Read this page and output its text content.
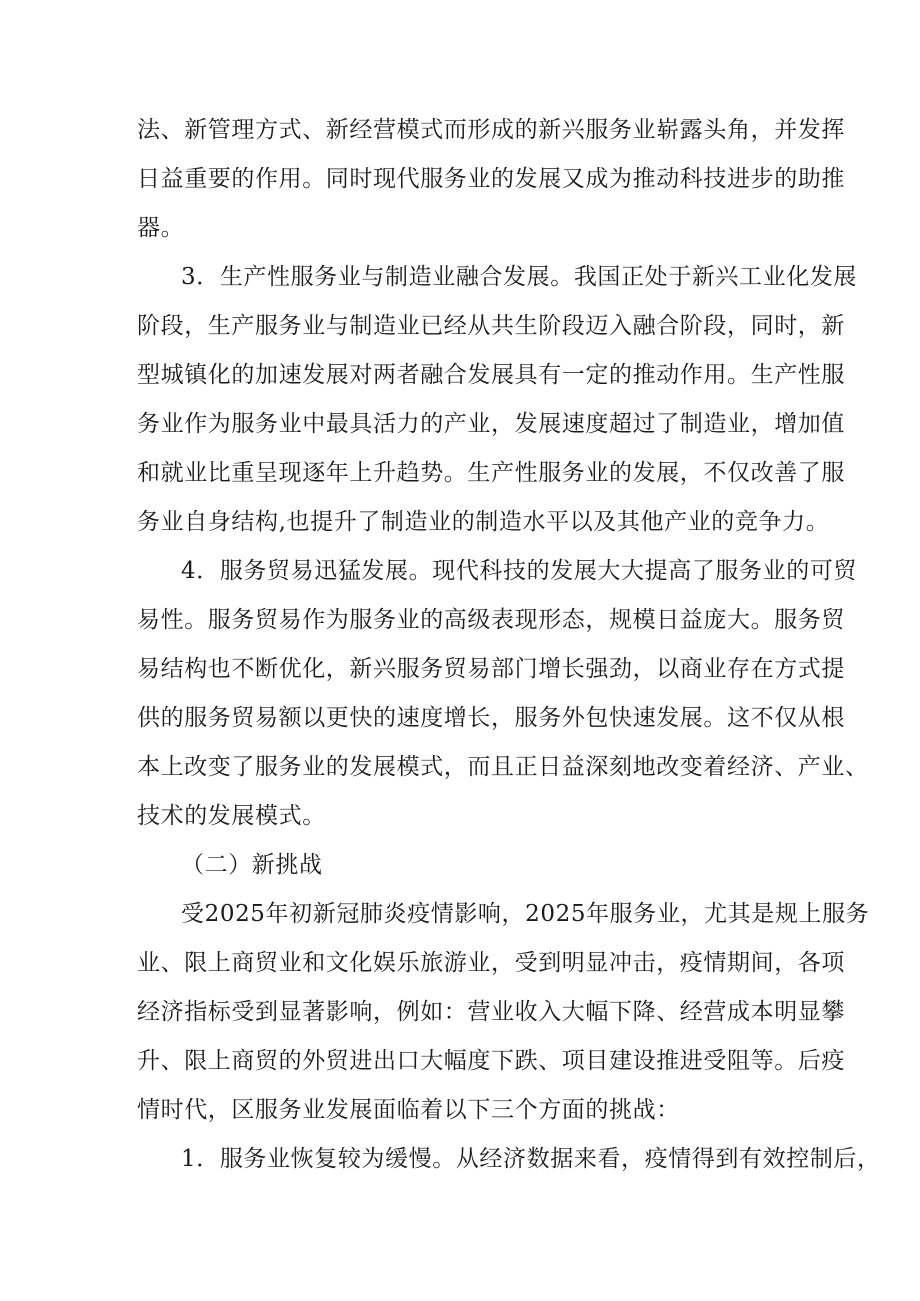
法、新管理方式、新经营模式而形成的新兴服务业崭露头角，并发挥
日益重要的作用。同时现代服务业的发展又成为推动科技进步的助推
器。
3．生产性服务业与制造业融合发展。我国正处于新兴工业化发展
阶段，生产服务业与制造业已经从共生阶段迈入融合阶段，同时，新
型城镇化的加速发展对两者融合发展具有一定的推动作用。生产性服
务业作为服务业中最具活力的产业，发展速度超过了制造业，增加值
和就业比重呈现逐年上升趋势。生产性服务业的发展，不仅改善了服
务业自身结构,也提升了制造业的制造水平以及其他产业的竞争力。
4．服务贸易迅猛发展。现代科技的发展大大提高了服务业的可贸
易性。服务贸易作为服务业的高级表现形态，规模日益庞大。服务贸
易结构也不断优化，新兴服务贸易部门增长强劲，以商业存在方式提
供的服务贸易额以更快的速度增长，服务外包快速发展。这不仅从根
本上改变了服务业的发展模式，而且正日益深刻地改变着经济、产业、
技术的发展模式。
（二）新挑战
受2025年初新冠肺炎疫情影响，2025年服务业，尤其是规上服务
业、限上商贸业和文化娱乐旅游业，受到明显冲击，疫情期间，各项
经济指标受到显著影响，例如：营业收入大幅下降、经营成本明显攀
升、限上商贸的外贸进出口大幅度下跌、项目建设推进受阻等。后疫
情时代，区服务业发展面临着以下三个方面的挑战：
1．服务业恢复较为缓慢。从经济数据来看，疫情得到有效控制后，
